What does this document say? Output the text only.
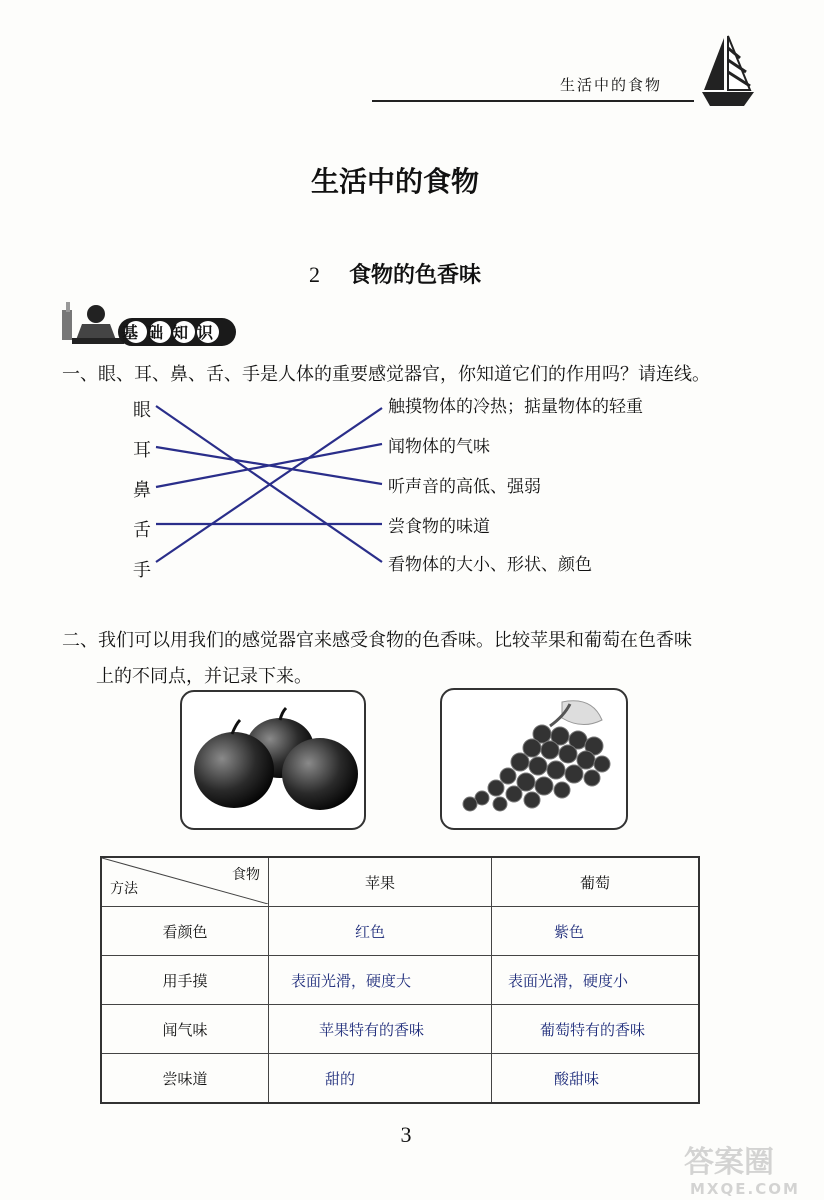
生活中的食物
生活中的食物
2 食物的色香味
基础知识
一、眼、耳、鼻、舌、手是人体的重要感觉器官，你知道它们的作用吗？请连线。
眼
耳
鼻
舌
手
触摸物体的冷热；掂量物体的轻重
闻物体的气味
听声音的高低、强弱
尝食物的味道
看物体的大小、形状、颜色
二、我们可以用我们的感觉器官来感受食物的色香味。比较苹果和葡萄在色香味
上的不同点，并记录下来。
方法
食物	苹果	葡萄
看颜色	红色	紫色
用手摸	表面光滑，硬度大	表面光滑，硬度小
闻气味	苹果特有的香味	葡萄特有的香味
尝味道	甜的	酸甜味
3
答案圈
MXQE.COM
